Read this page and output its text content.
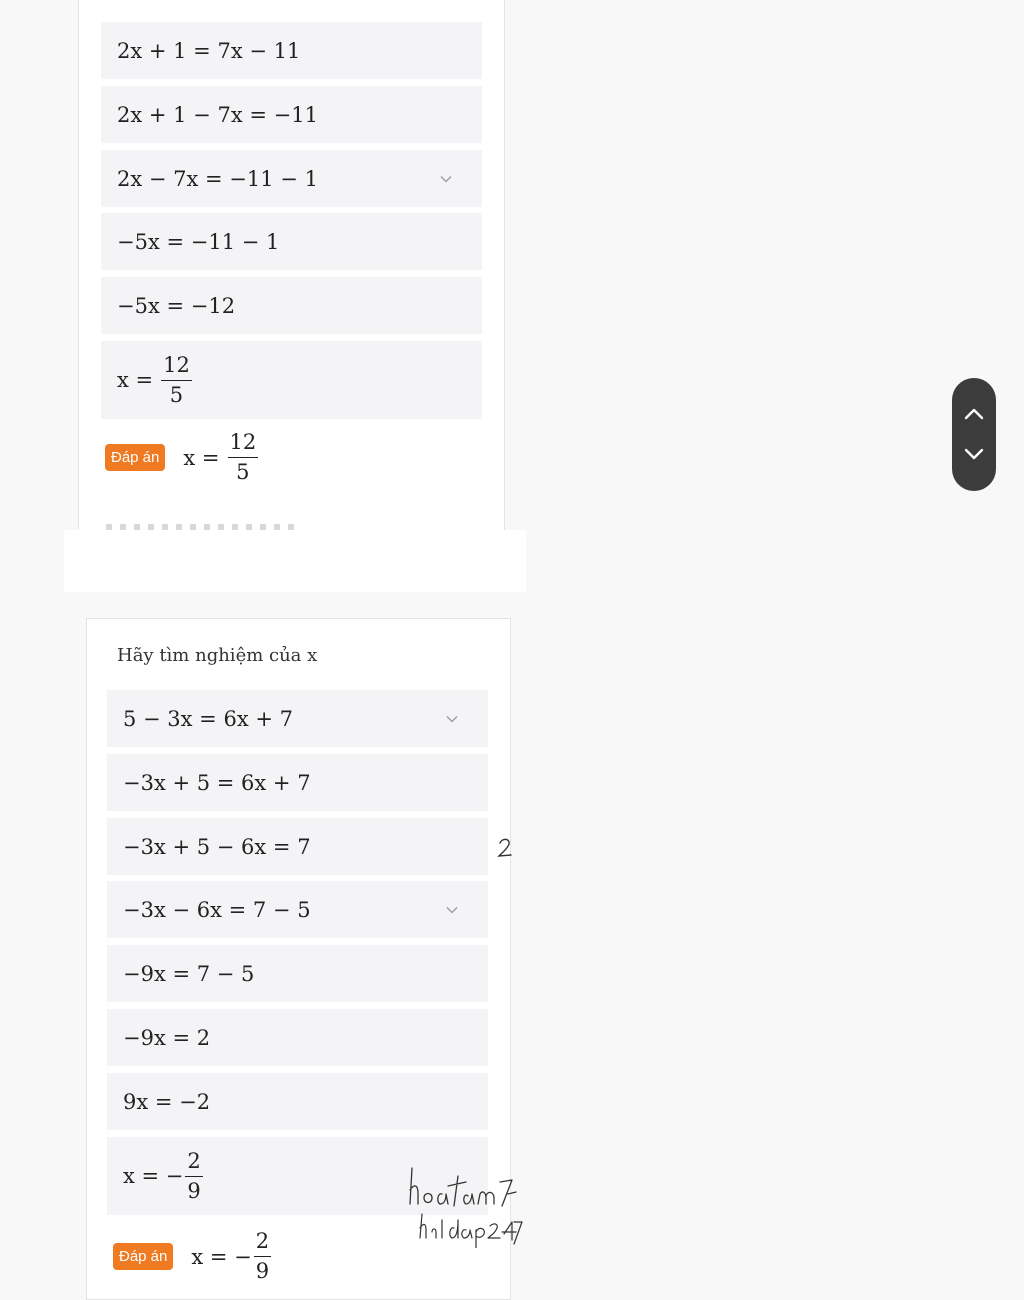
2x + 1 = 7x − 11
2x + 1 − 7x = −11
2x − 7x = −11 − 1
−5x = −11 − 1
−5x = −12
$x = \frac{12}{5}$
Đáp án $x = \frac{12}{5}$
Hãy tìm nghiệm của x
5 − 3x = 6x + 7
−3x + 5 = 6x + 7
−3x + 5 − 6x = 7
−3x − 6x = 7 − 5
−9x = 7 − 5
−9x = 2
9x = −2
x = − $\frac{2}{9}$
Đáp án x = − $\frac{2}{9}$
